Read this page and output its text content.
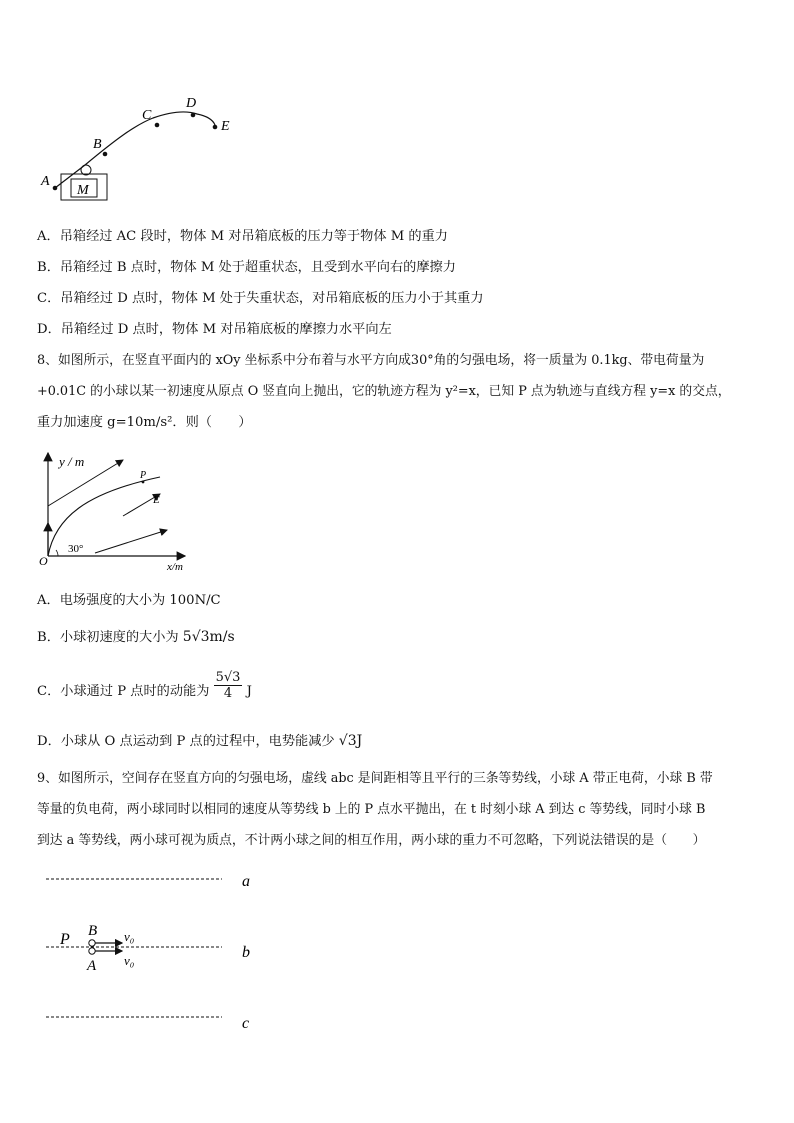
M
A
B
C
D
E
A．吊箱经过 AC 段时，物体 M 对吊箱底板的压力等于物体 M 的重力
B．吊箱经过 B 点时，物体 M 处于超重状态，且受到水平向右的摩擦力
C．吊箱经过 D 点时，物体 M 处于失重状态，对吊箱底板的压力小于其重力
D．吊箱经过 D 点时，物体 M 对吊箱底板的摩擦力水平向左
8、如图所示，在竖直平面内的 xOy 坐标系中分布着与水平方向成30°角的匀强电场，将一质量为 0.1kg、带电荷量为
+0.01C 的小球以某一初速度从原点 O 竖直向上抛出，它的轨迹方程为 y²=x，已知 P 点为轨迹与直线方程 y=x 的交点，
重力加速度 g=10m/s²．则（　　）
y / m
x/m
O
30°
P
E
A．电场强度的大小为 100N/C
B．小球初速度的大小为 5√3m/s
C．小球通过 P 点时的动能为 $\frac{5√3}{4}$ J
D．小球从 O 点运动到 P 点的过程中，电势能减少 √3J
9、如图所示，空间存在竖直方向的匀强电场，虚线 abc 是间距相等且平行的三条等势线，小球 A 带正电荷，小球 B 带
等量的负电荷，两小球同时以相同的速度从等势线 b 上的 P 点水平抛出，在 t 时刻小球 A 到达 c 等势线，同时小球 B
到达 a 等势线，两小球可视为质点，不计两小球之间的相互作用，两小球的重力不可忽略，下列说法错误的是（　　）
a
b
c
P B
A
v₀
v₀
